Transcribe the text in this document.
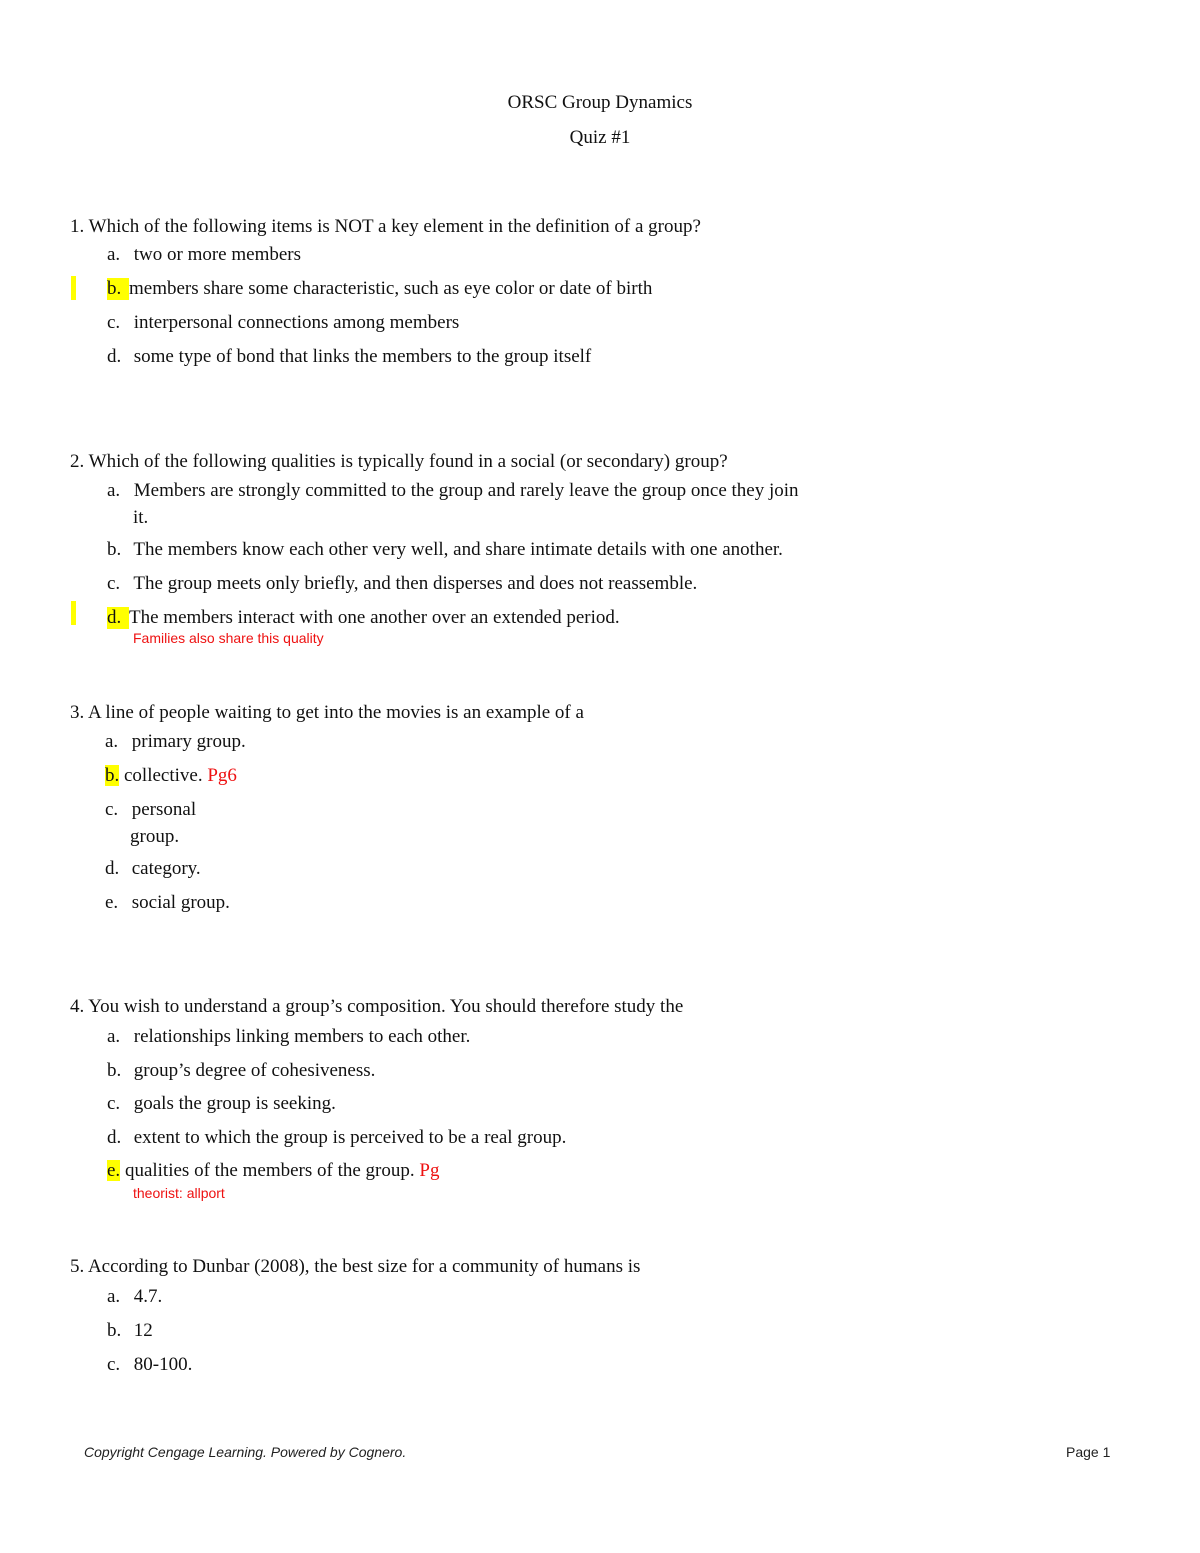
ORSC Group Dynamics
Quiz #1
1. Which of the following items is NOT a key element in the definition of a group?
a. two or more members
b. members share some characteristic, such as eye color or date of birth
c. interpersonal connections among members
d. some type of bond that links the members to the group itself
2. Which of the following qualities is typically found in a social (or secondary) group?
a. Members are strongly committed to the group and rarely leave the group once they join
it.
b. The members know each other very well, and share intimate details with one another.
c. The group meets only briefly, and then disperses and does not reassemble.
d. The members interact with one another over an extended period.
Families also share this quality
3. A line of people waiting to get into the movies is an example of a
a. primary group.
b. collective. Pg6
c. personal
group.
d. category.
e. social group.
4. You wish to understand a group’s composition. You should therefore study the
a. relationships linking members to each other.
b. group’s degree of cohesiveness.
c. goals the group is seeking.
d. extent to which the group is perceived to be a real group.
e. qualities of the members of the group. Pg
theorist: allport
5. According to Dunbar (2008), the best size for a community of humans is
a. 4.7.
b. 12
c. 80-100.
Copyright Cengage Learning. Powered by Cognero.	Page 1
